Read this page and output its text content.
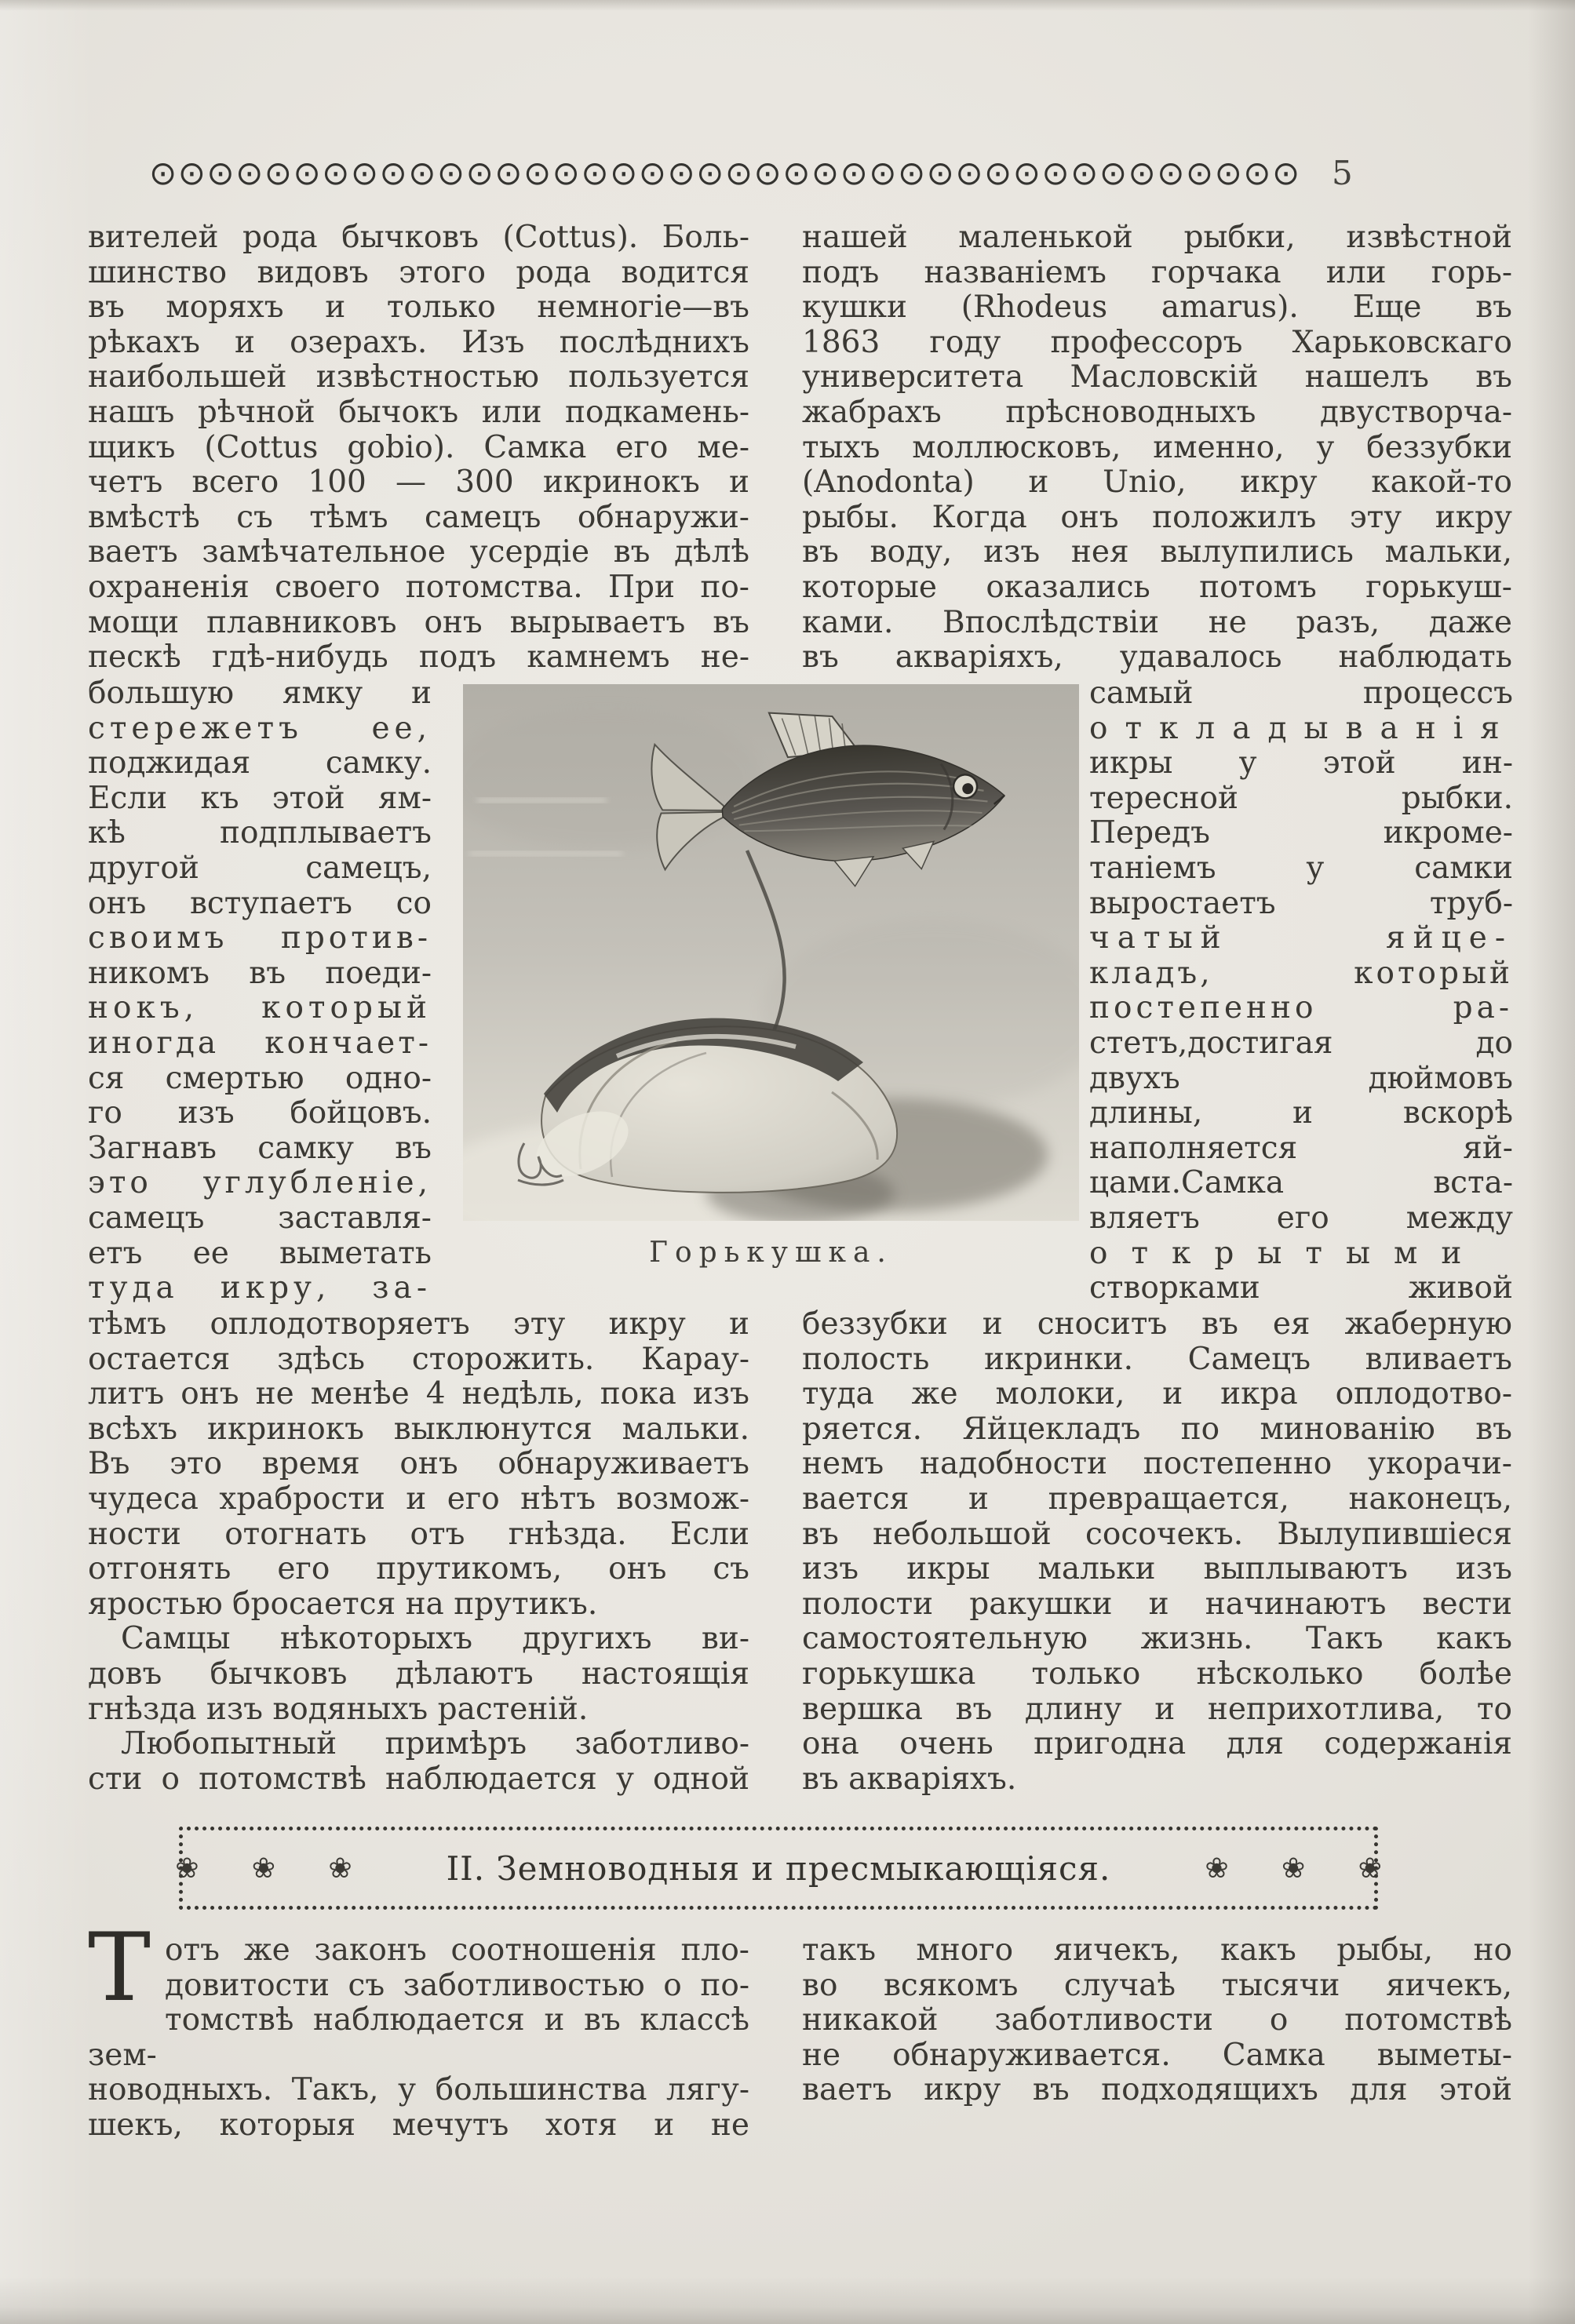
⊙⊙⊙⊙⊙⊙⊙⊙⊙⊙⊙⊙⊙⊙⊙⊙⊙⊙⊙⊙⊙⊙⊙⊙⊙⊙⊙⊙⊙⊙⊙⊙⊙⊙⊙⊙⊙⊙⊙⊙ 5
вителей рода бычковъ (Cottus). Боль-
шинство видовъ этого рода водится
въ моряхъ и только немногіе—въ
рѣкахъ и озерахъ. Изъ послѣднихъ
наибольшей извѣстностью пользуется
нашъ рѣчной бычокъ или подкамень-
щикъ (Cottus gobio). Самка его ме-
четъ всего 100 — 300 икринокъ и
вмѣстѣ съ тѣмъ самецъ обнаружи-
ваетъ замѣчательное усердіе въ дѣлѣ
охраненія своего потомства. При по-
мощи плавниковъ онъ вырываетъ въ
пескѣ гдѣ-нибудь подъ камнемъ не-
нашей маленькой рыбки, извѣстной
подъ названіемъ горчака или горь-
кушки (Rhodeus amarus). Еще въ
1863 году профессоръ Харьковскаго
университета Масловскій нашелъ въ
жабрахъ прѣсноводныхъ двустворча-
тыхъ моллюсковъ, именно, у беззубки
(Anodonta) и Unio, икру какой-то
рыбы. Когда онъ положилъ эту икру
въ воду, изъ нея вылупились мальки,
которые оказались потомъ горькуш-
ками. Впослѣдствіи не разъ, даже
въ акваріяхъ, удавалось наблюдать
большую ямку и
стережетъ ее,
поджидая самку.
Если къ этой ям-
кѣ подплываетъ
другой самецъ,
онъ вступаетъ со
своимъ против-
никомъ въ поеди-
нокъ, который
иногда кончает-
ся смертью одно-
го изъ бойцовъ.
Загнавъ самку въ
это углубленіе,
самецъ заставля-
етъ ее выметать
туда икру, за-
самый процессъ
откладыванія
икры у этой ин-
тересной рыбки.
Передъ икроме-
таніемъ у самки
выростаетъ труб-
чатый яйце-
кладъ, который
постепенно ра-
стетъ,достигая до
двухъ дюймовъ
длины, и вскорѣ
наполняется яй-
цами.Самка вста-
вляетъ его между
открытыми
створками живой
Горькушка.
тѣмъ оплодотворяетъ эту икру и
остается здѣсь сторожить. Карау-
литъ онъ не менѣе 4 недѣль, пока изъ
всѣхъ икринокъ выклюнутся мальки.
Въ это время онъ обнаруживаетъ
чудеса храбрости и его нѣтъ возмож-
ности отогнать отъ гнѣзда. Если
отгонять его прутикомъ, онъ съ
яростью бросается на прутикъ.
Самцы нѣкоторыхъ другихъ ви-
довъ бычковъ дѣлаютъ настоящія
гнѣзда изъ водяныхъ растеній.
Любопытный примѣръ заботливо-
сти о потомствѣ наблюдается у одной
беззубки и сноситъ въ ея жаберную
полость икринки. Самецъ вливаетъ
туда же молоки, и икра оплодотво-
ряется. Яйцекладъ по минованію въ
немъ надобности постепенно укорачи-
вается и превращается, наконецъ,
въ небольшой сосочекъ. Вылупившіеся
изъ икры мальки выплываютъ изъ
полости ракушки и начинаютъ вести
самостоятельную жизнь. Такъ какъ
горькушка только нѣсколько болѣе
вершка въ длину и неприхотлива, то
она очень пригодна для содержанія
въ акваріяхъ.
❀ ❀ ❀	II. Земноводныя и пресмыкающіяся.	❀ ❀ ❀
Т отъ же законъ соотношенія пло-
довитости съ заботливостью о по-
томствѣ наблюдается и въ классѣ зем-
новодныхъ. Такъ, у большинства лягу-
шекъ, которыя мечутъ хотя и не
такъ много яичекъ, какъ рыбы, но
во всякомъ случаѣ тысячи яичекъ,
никакой заботливости о потомствѣ
не обнаруживается. Самка выметы-
ваетъ икру въ подходящихъ для этой
